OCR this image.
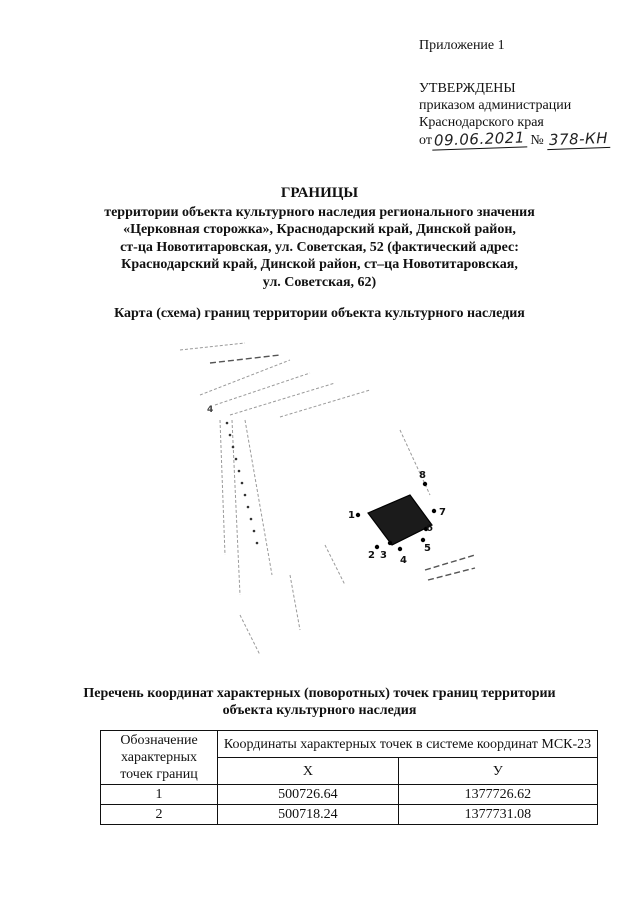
Приложение 1
УТВЕРЖДЕНЫ
приказом администрации
Краснодарского края
от 09.06.2021 № 378-КН
ГРАНИЦЫ
территории объекта культурного наследия регионального значения
«Церковная сторожка», Краснодарский край, Динской район,
ст-ца Новотитаровская, ул. Советская, 52 (фактический адрес:
Краснодарский край, Динской район, ст–ца Новотитаровская,
ул. Советская, 62)
Карта (схема) границ территории объекта культурного наследия
1
2 3 4
5
6
7
8
4
Перечень координат характерных (поворотных) точек границ территории
объекта культурного наследия
Обозначение характерных точек границ	Координаты характерных точек в системе координат МСК-23	
	Х	У
1	500726.64	1377726.62
2	500718.24	1377731.08
